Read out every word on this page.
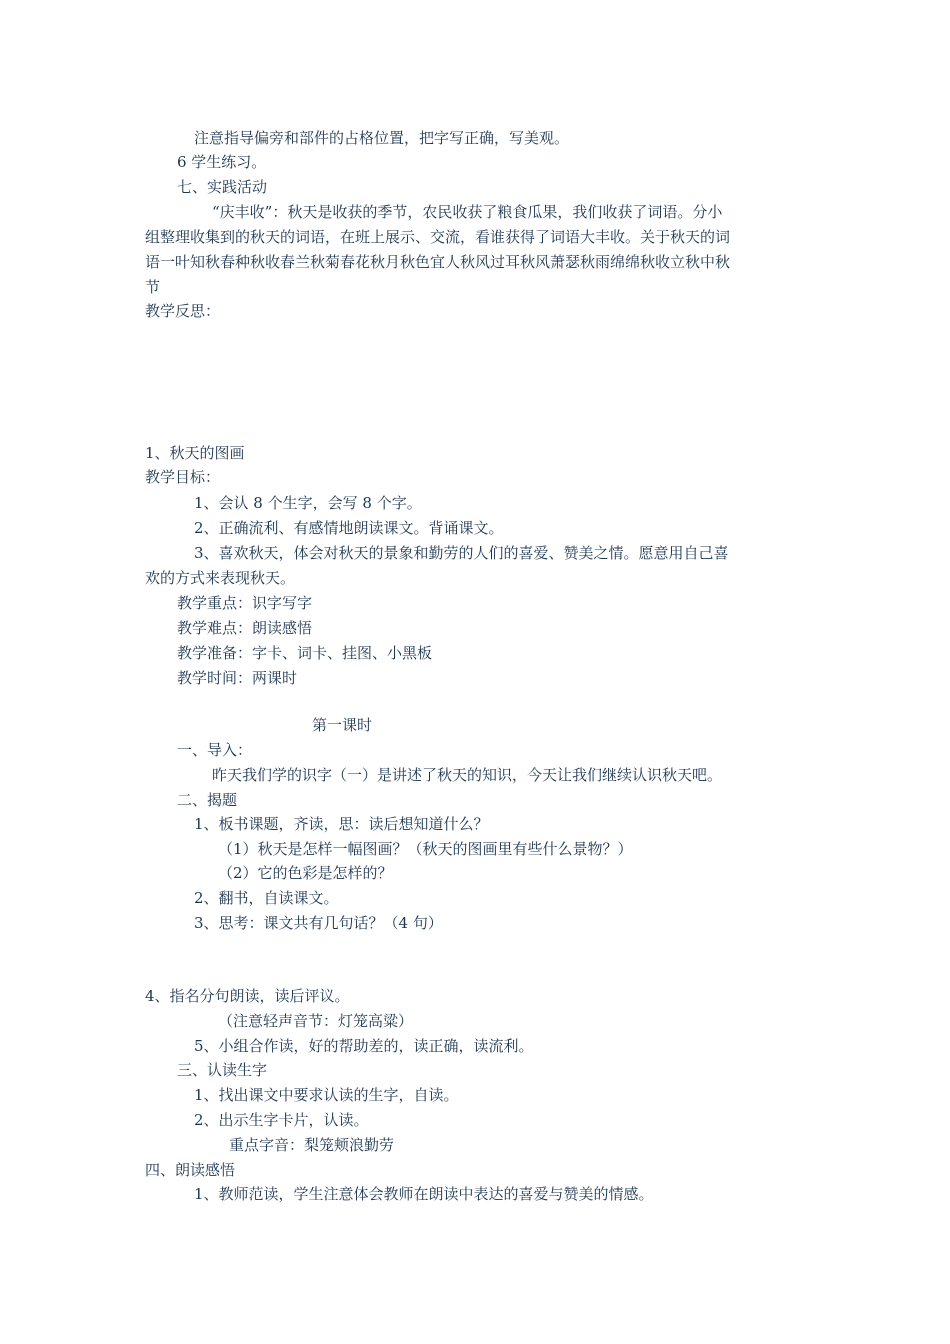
注意指导偏旁和部件的占格位置，把字写正确，写美观。
6 学生练习。
七、实践活动
“庆丰收”：秋天是收获的季节，农民收获了粮食瓜果，我们收获了词语。分小
组整理收集到的秋天的词语，在班上展示、交流，看谁获得了词语大丰收。关于秋天的词
语一叶知秋春种秋收春兰秋菊春花秋月秋色宜人秋风过耳秋风萧瑟秋雨绵绵秋收立秋中秋
节
教学反思：
1、秋天的图画
教学目标：
1、会认 8 个生字，会写 8 个字。
2、正确流利、有感情地朗读课文。背诵课文。
3、喜欢秋天，体会对秋天的景象和勤劳的人们的喜爱、赞美之情。愿意用自己喜
欢的方式来表现秋天。
教学重点：识字写字
教学难点：朗读感悟
教学准备：字卡、词卡、挂图、小黑板
教学时间：两课时
第一课时
一、导入：
昨天我们学的识字（一）是讲述了秋天的知识，今天让我们继续认识秋天吧。
二、揭题
1、板书课题，齐读，思：读后想知道什么？
（1）秋天是怎样一幅图画？（秋天的图画里有些什么景物？）
（2）它的色彩是怎样的？
2、翻书，自读课文。
3、思考：课文共有几句话？（4 句）
4、指名分句朗读，读后评议。
（注意轻声音节：灯笼高粱）
5、小组合作读，好的帮助差的，读正确，读流利。
三、认读生字
1、找出课文中要求认读的生字，自读。
2、出示生字卡片，认读。
重点字音：梨笼颊浪勤劳
四、朗读感悟
1、教师范读，学生注意体会教师在朗读中表达的喜爱与赞美的情感。
